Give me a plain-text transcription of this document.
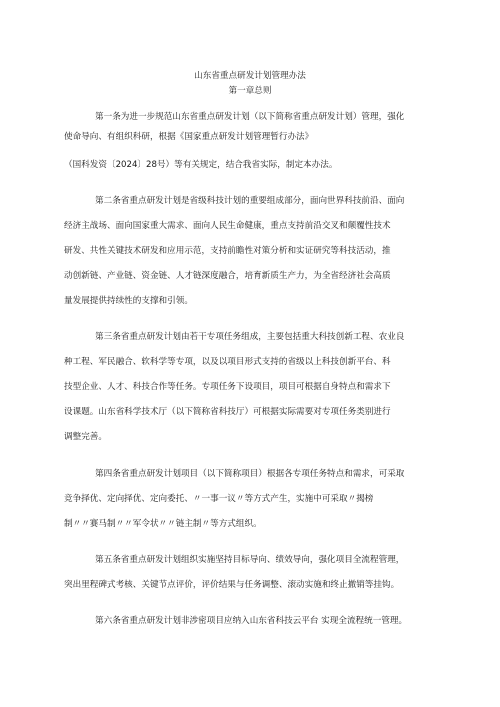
山东省重点研发计划管理办法
第一章总则
第一条为进一步规范山东省重点研发计划（以下简称省重点研发计划）管理，强化
使命导向、有组织科研，根据《国家重点研发计划管理暂行办法》
（国科发资〔2024〕28号）等有关规定，结合我省实际，制定本办法。
第二条省重点研发计划是省级科技计划的重要组成部分，面向世界科技前沿、面向
经济主战场、面向国家重大需求、面向人民生命健康，重点支持前沿交叉和颠覆性技术
研发、共性关键技术研发和应用示范，支持前瞻性对策分析和实证研究等科技活动，推
动创新链、产业链、资金链、人才链深度融合，培育新质生产力，为全省经济社会高质
量发展提供持续性的支撑和引领。
第三条省重点研发计划由若干专项任务组成，主要包括重大科技创新工程、农业良
种工程、军民融合、软科学等专项，以及以项目形式支持的省级以上科技创新平台、科
技型企业、人才、科技合作等任务。专项任务下设项目，项目可根据自身特点和需求下
设课题。山东省科学技术厅（以下简称省科技厅）可根据实际需要对专项任务类别进行
调整完善。
第四条省重点研发计划项目（以下简称项目）根据各专项任务特点和需求，可采取
竞争择优、定向择优、定向委托、〃一事一议〃等方式产生，实施中可采取〃揭榜
制〃〃赛马制〃〃军令状〃〃链主制〃等方式组织。
第五条省重点研发计划组织实施坚持目标导向、绩效导向，强化项目全流程管理，
突出里程碑式考核、关键节点评价，评价结果与任务调整、滚动实施和终止撤销等挂钩。
第六条省重点研发计划非涉密项目应纳入山东省科技云平台 实现全流程统一管理。
